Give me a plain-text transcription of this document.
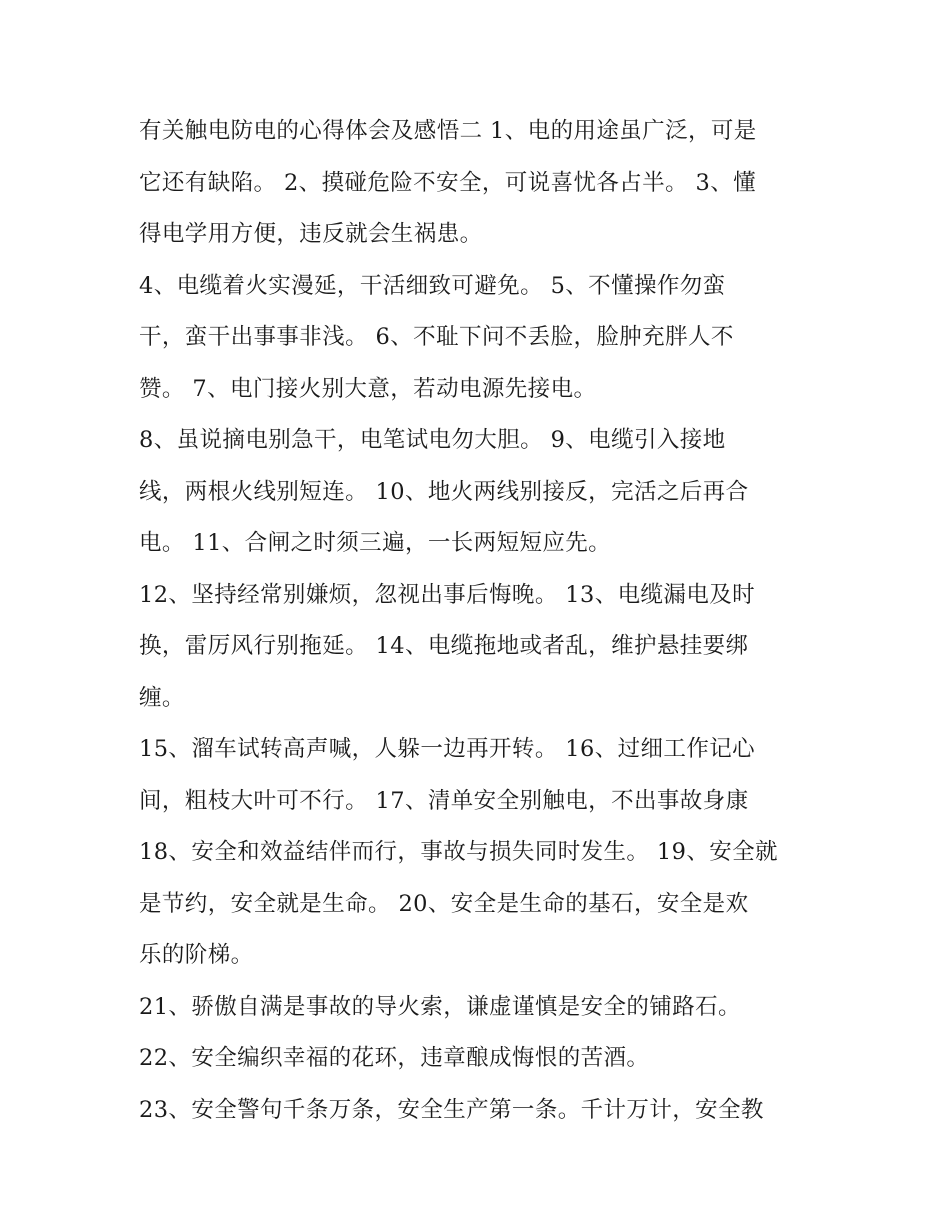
有关触电防电的心得体会及感悟二 1、电的用途虽广泛，可是
它还有缺陷。 2、摸碰危险不安全，可说喜忧各占半。 3、懂
得电学用方便，违反就会生祸患。
4、电缆着火实漫延，干活细致可避免。 5、不懂操作勿蛮
干，蛮干出事事非浅。 6、不耻下问不丢脸，脸肿充胖人不
赞。 7、电门接火别大意，若动电源先接电。
8、虽说摘电别急干，电笔试电勿大胆。 9、电缆引入接地
线，两根火线别短连。 10、地火两线别接反，完活之后再合
电。 11、合闸之时须三遍，一长两短短应先。
12、坚持经常别嫌烦，忽视出事后悔晚。 13、电缆漏电及时
换，雷厉风行别拖延。 14、电缆拖地或者乱，维护悬挂要绑
缠。
15、溜车试转高声喊，人躲一边再开转。 16、过细工作记心
间，粗枝大叶可不行。 17、清单安全别触电，不出事故身康
18、安全和效益结伴而行，事故与损失同时发生。 19、安全就
是节约，安全就是生命。 20、安全是生命的基石，安全是欢
乐的阶梯。
21、骄傲自满是事故的导火索，谦虚谨慎是安全的铺路石。
22、安全编织幸福的花环，违章酿成悔恨的苦酒。
23、安全警句千条万条，安全生产第一条。千计万计，安全教
